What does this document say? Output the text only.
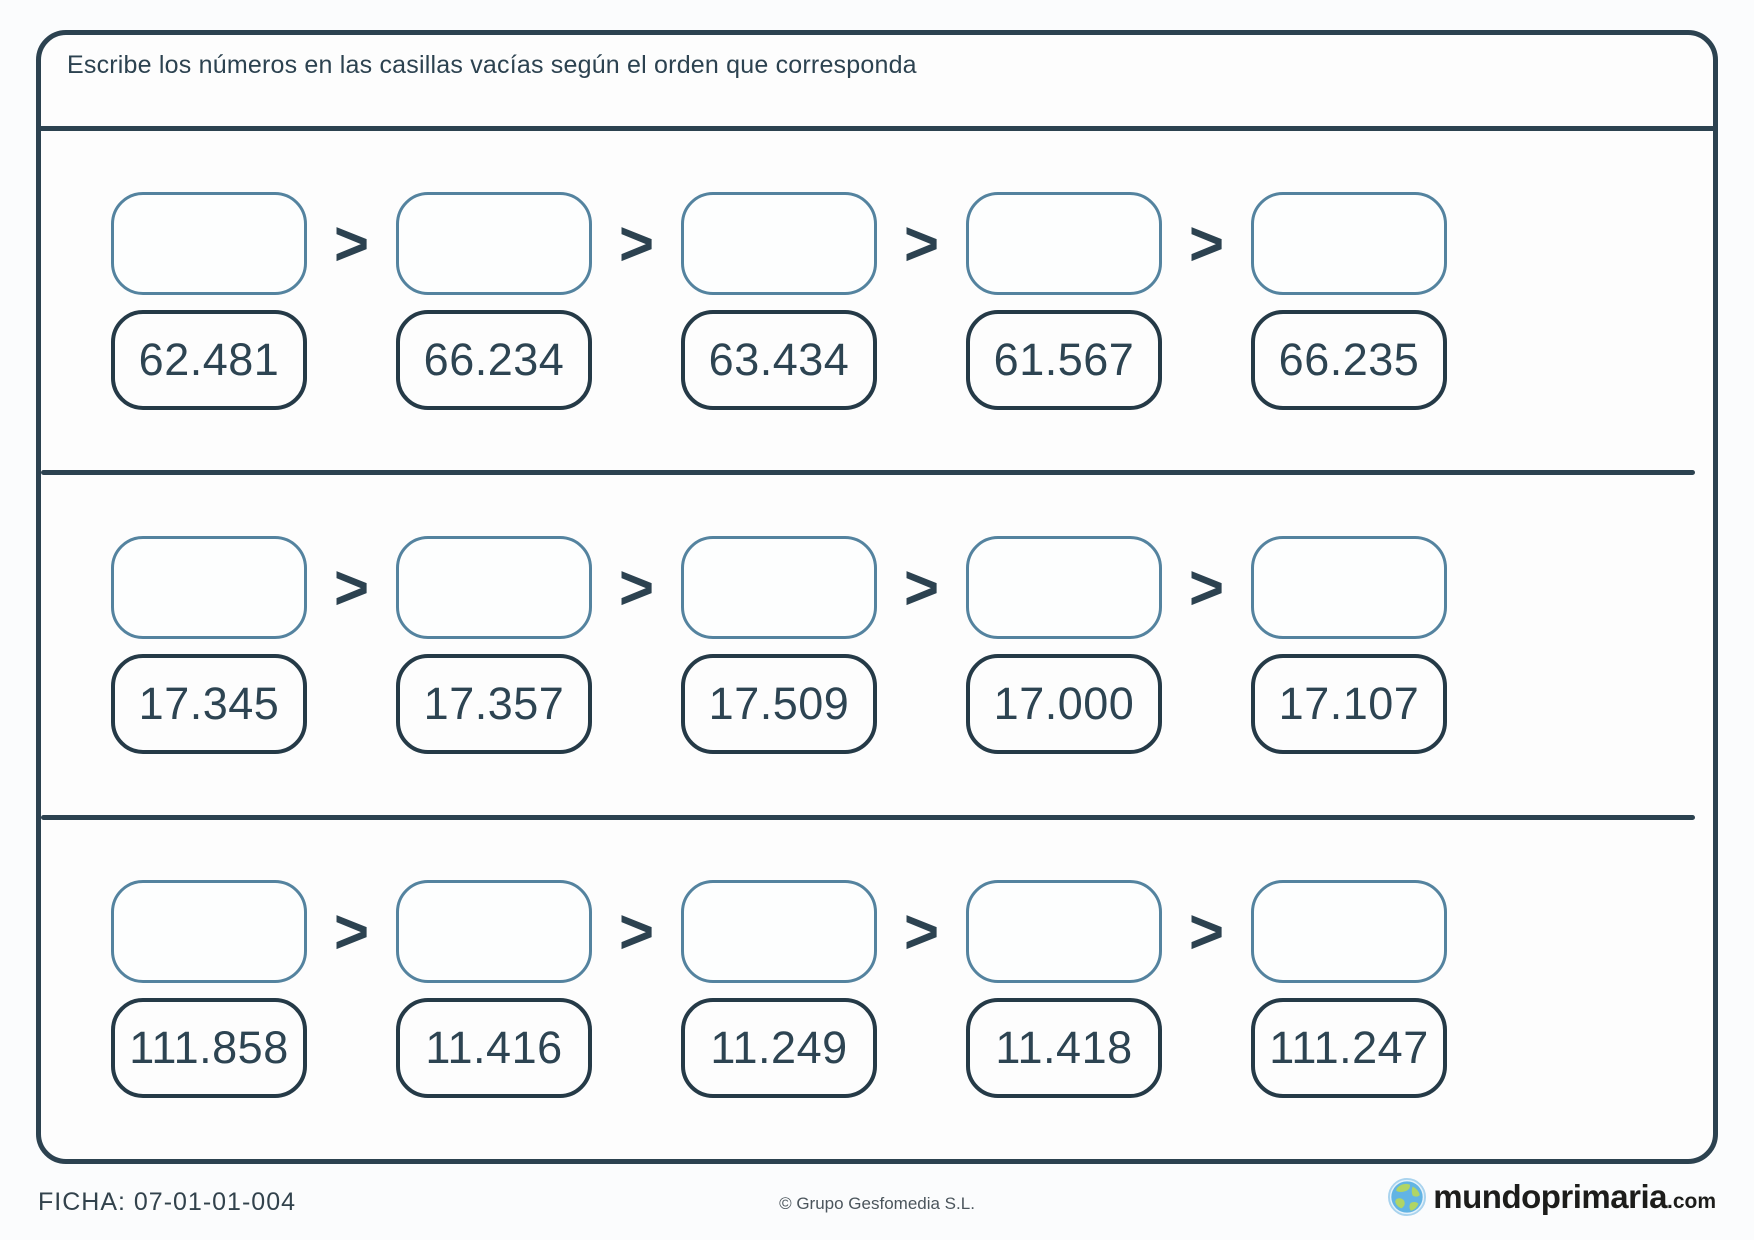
Escribe los números en las casillas vacías según el orden que corresponda
62.481
>
66.234
>
63.434
>
61.567
>
66.235
17.345
>
17.357
>
17.509
>
17.000
>
17.107
111.858
>
11.416
>
11.249
>
11.418
>
111.247
FICHA: 07-01-01-004	© Grupo Gesfomedia S.L.	mundoprimaria .com
